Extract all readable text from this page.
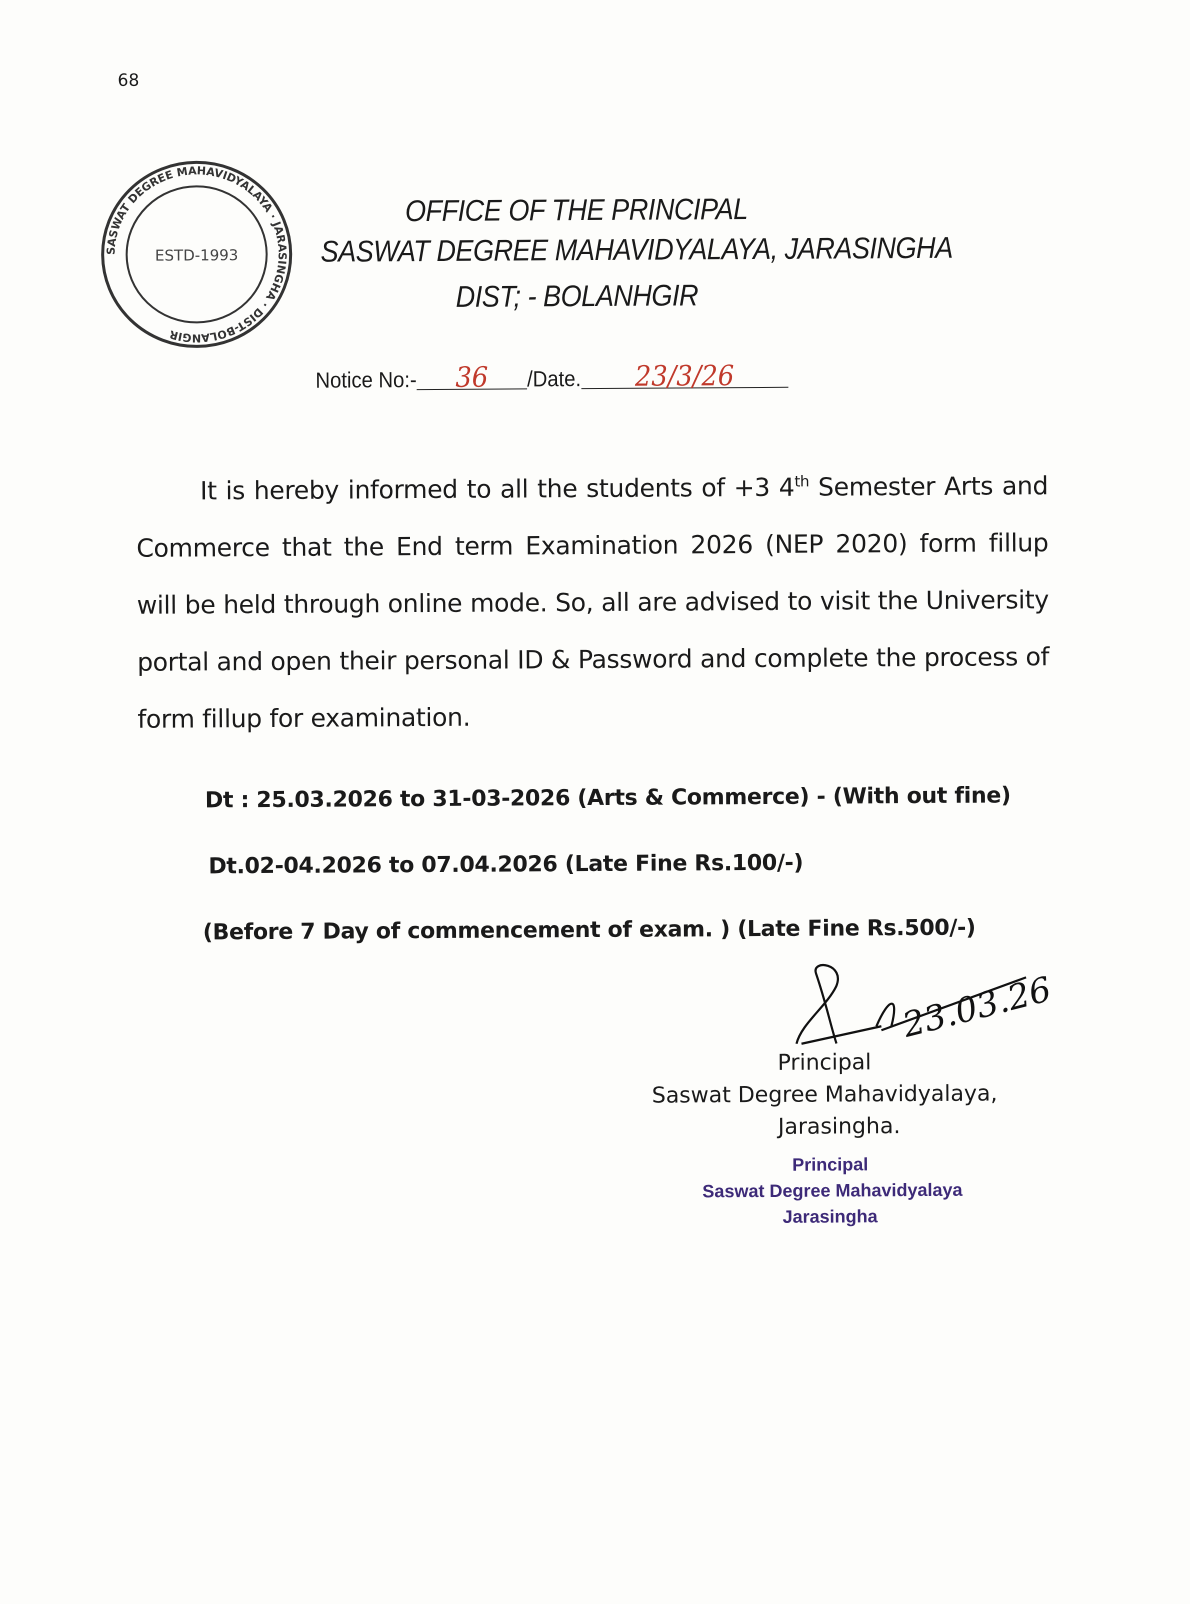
68
SASWAT DEGREE MAHAVIDYALAYA · JARASINGHA · DIST-BOLANGIR
ESTD-1993
OFFICE OF THE PRINCIPAL
SASWAT DEGREE MAHAVIDYALAYA, JARASINGHA
DIST; - BOLANHGIR
Notice No:- 36 /Date. 23/3/26

It is hereby informed to all the students of +3 4th Semester Arts and Commerce that the End term Examination 2026 (NEP 2020) form fillup will be held through online mode. So, all are advised to visit the University portal and open their personal ID & Password and complete the process of form fillup for examination.

Dt : 25.03.2026 to 31-03-2026 (Arts & Commerce) - (With out fine)
Dt.02-04.2026 to 07.04.2026 (Late Fine Rs.100/-)
(Before 7 Day of commencement of exam. ) (Late Fine Rs.500/-)
23.03.26
Principal
Saswat Degree Mahavidyalaya,
Jarasingha.
Principal
Saswat Degree Mahavidyalaya
Jarasingha
